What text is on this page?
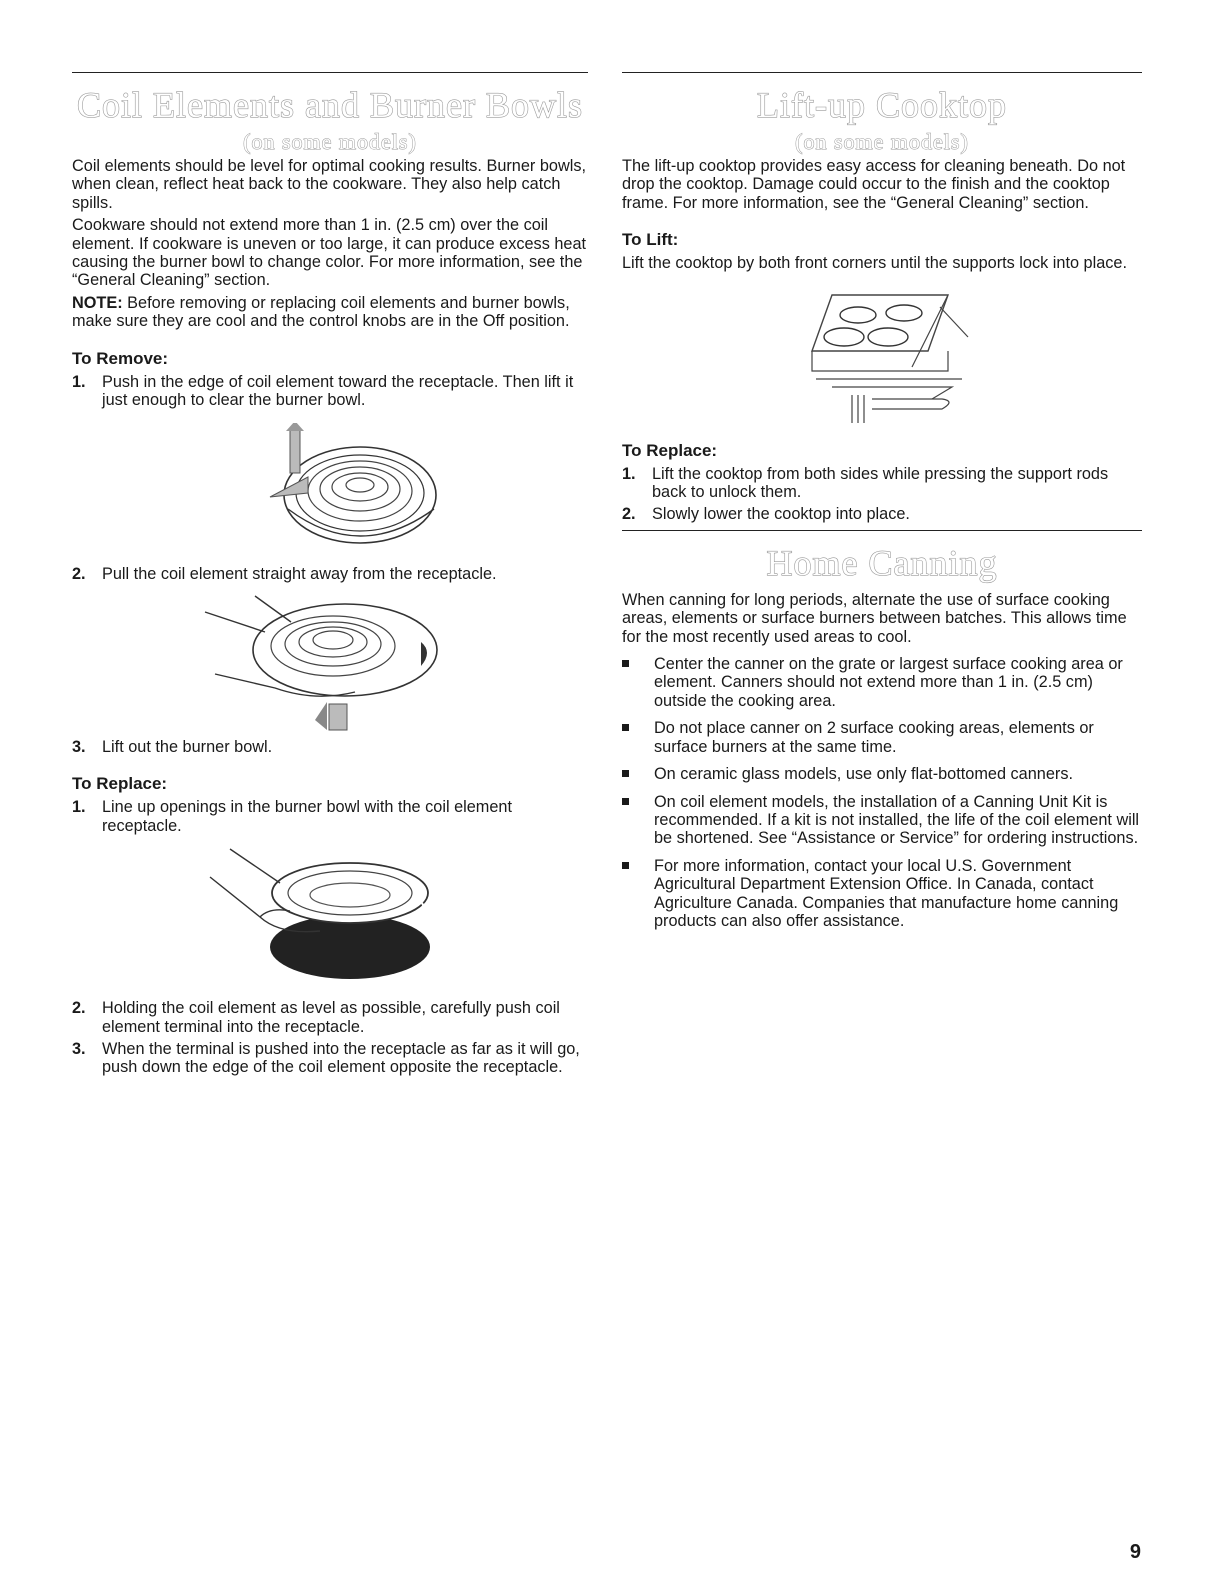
Coil Elements and Burner Bowls
(on some models)

Coil elements should be level for optimal cooking results. Burner bowls, when clean, reflect heat back to the cookware. They also help catch spills.

Cookware should not extend more than 1 in. (2.5 cm) over the coil element. If cookware is uneven or too large, it can produce excess heat causing the burner bowl to change color. For more information, see the “General Cleaning” section.

NOTE: Before removing or replacing coil elements and burner bowls, make sure they are cool and the control knobs are in the Off position.

To Remove:
1.	Push in the edge of coil element toward the receptacle. Then lift it just enough to clear the burner bowl.
2.	Pull the coil element straight away from the receptacle.
3.	Lift out the burner bowl.
To Replace:
1.	Line up openings in the burner bowl with the coil element receptacle.
2.	Holding the coil element as level as possible, carefully push coil element terminal into the receptacle.
3.	When the terminal is pushed into the receptacle as far as it will go, push down the edge of the coil element opposite the receptacle.
Lift-up Cooktop
(on some models)

The lift-up cooktop provides easy access for cleaning beneath. Do not drop the cooktop. Damage could occur to the finish and the cooktop frame. For more information, see the “General Cleaning” section.

To Lift:

Lift the cooktop by both front corners until the supports lock into place.

To Replace:
1.	Lift the cooktop from both sides while pressing the support rods back to unlock them.
2.	Slowly lower the cooktop into place.
Home Canning

When canning for long periods, alternate the use of surface cooking areas, elements or surface burners between batches. This allows time for the most recently used areas to cool.

Center the canner on the grate or largest surface cooking area or element. Canners should not extend more than 1 in. (2.5 cm) outside the cooking area.
Do not place canner on 2 surface cooking areas, elements or surface burners at the same time.
On ceramic glass models, use only flat-bottomed canners.
On coil element models, the installation of a Canning Unit Kit is recommended. If a kit is not installed, the life of the coil element will be shortened. See “Assistance or Service” for ordering instructions.
For more information, contact your local U.S. Government Agricultural Department Extension Office. In Canada, contact Agriculture Canada. Companies that manufacture home canning products can also offer assistance.
9
